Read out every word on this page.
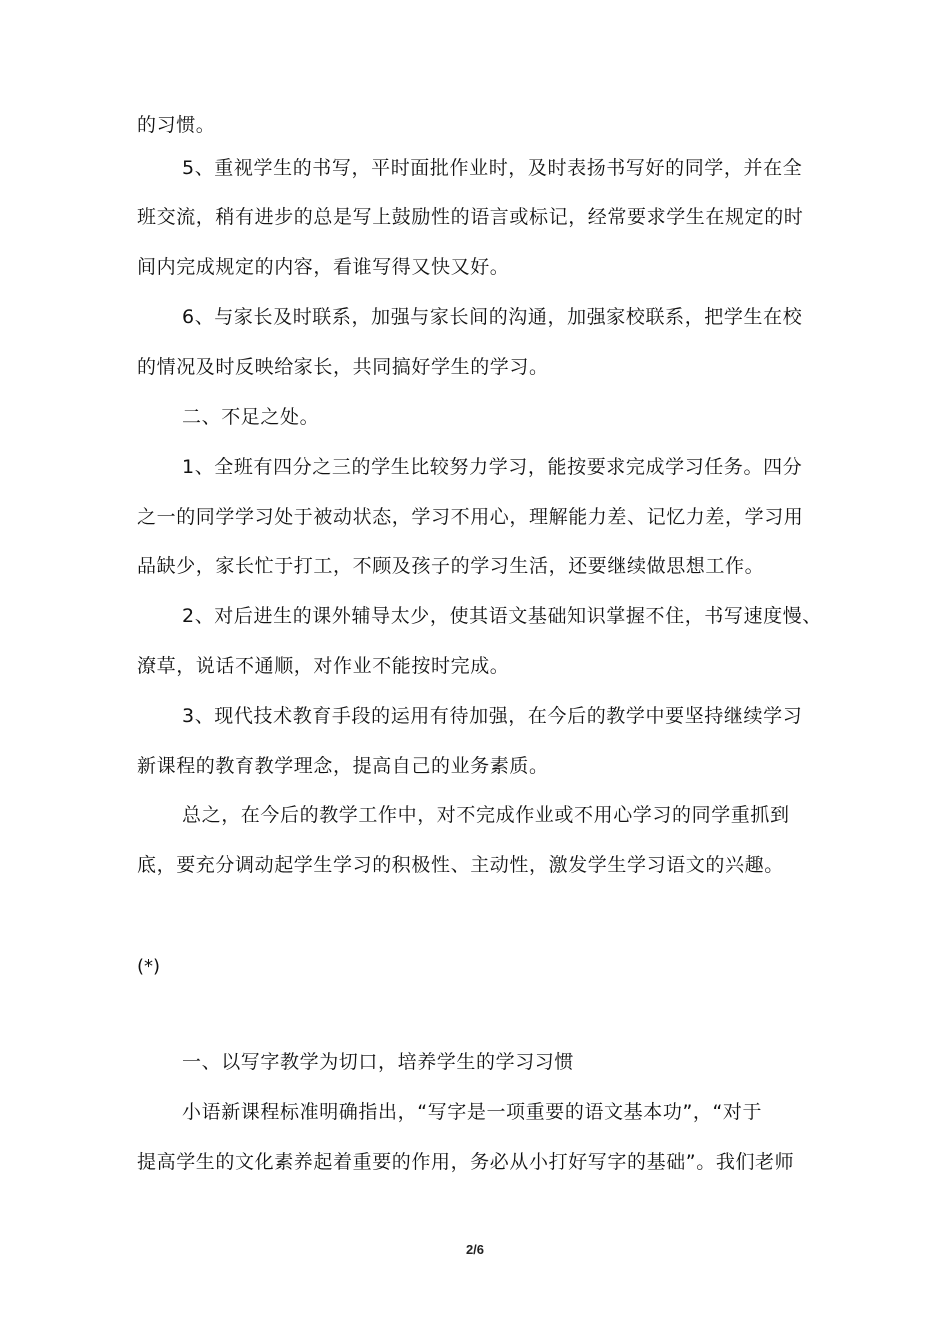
的习惯。
5、重视学生的书写，平时面批作业时，及时表扬书写好的同学，并在全
班交流，稍有进步的总是写上鼓励性的语言或标记，经常要求学生在规定的时
间内完成规定的内容，看谁写得又快又好。
6、与家长及时联系，加强与家长间的沟通，加强家校联系，把学生在校
的情况及时反映给家长，共同搞好学生的学习。
二、不足之处。
1、全班有四分之三的学生比较努力学习，能按要求完成学习任务。四分
之一的同学学习处于被动状态，学习不用心，理解能力差、记忆力差，学习用
品缺少，家长忙于打工，不顾及孩子的学习生活，还要继续做思想工作。
2、对后进生的课外辅导太少，使其语文基础知识掌握不住，书写速度慢、
潦草，说话不通顺，对作业不能按时完成。
3、现代技术教育手段的运用有待加强，在今后的教学中要坚持继续学习
新课程的教育教学理念，提高自己的业务素质。
总之，在今后的教学工作中，对不完成作业或不用心学习的同学重抓到
底，要充分调动起学生学习的积极性、主动性，激发学生学习语文的兴趣。
(*)
一、以写字教学为切口，培养学生的学习习惯
小语新课程标准明确指出，“写字是一项重要的语文基本功”，“对于
提高学生的文化素养起着重要的作用，务必从小打好写字的基础”。我们老师
2/6
